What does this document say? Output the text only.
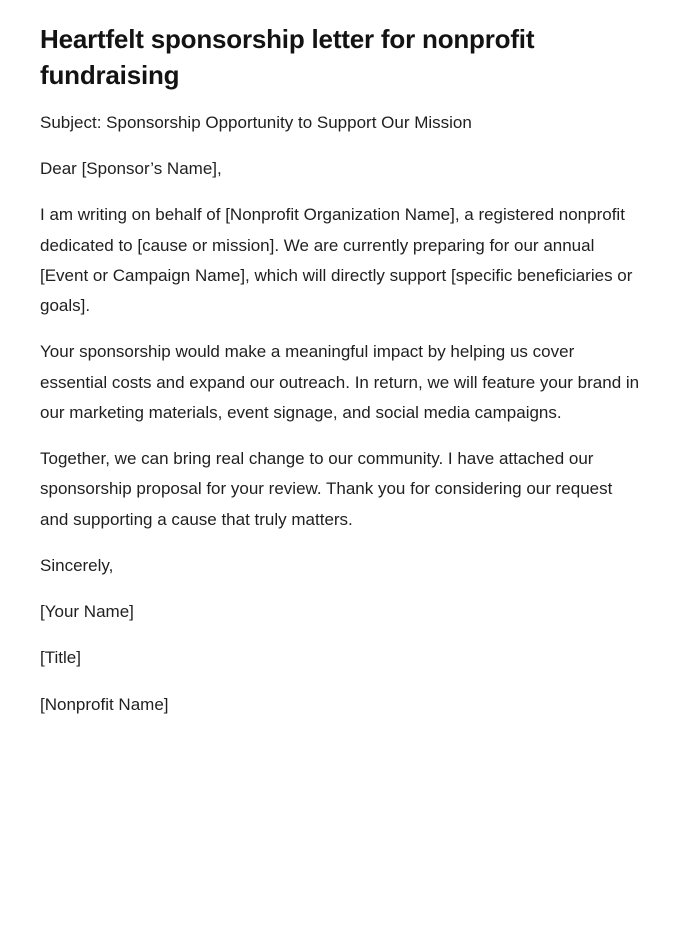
Heartfelt sponsorship letter for nonprofit fundraising

Subject: Sponsorship Opportunity to Support Our Mission

Dear [Sponsor’s Name],

I am writing on behalf of [Nonprofit Organization Name], a registered nonprofit dedicated to [cause or mission]. We are currently preparing for our annual [Event or Campaign Name], which will directly support [specific beneficiaries or goals].

Your sponsorship would make a meaningful impact by helping us cover essential costs and expand our outreach. In return, we will feature your brand in our marketing materials, event signage, and social media campaigns.

Together, we can bring real change to our community. I have attached our sponsorship proposal for your review. Thank you for considering our request and supporting a cause that truly matters.

Sincerely,

[Your Name]

[Title]

[Nonprofit Name]
